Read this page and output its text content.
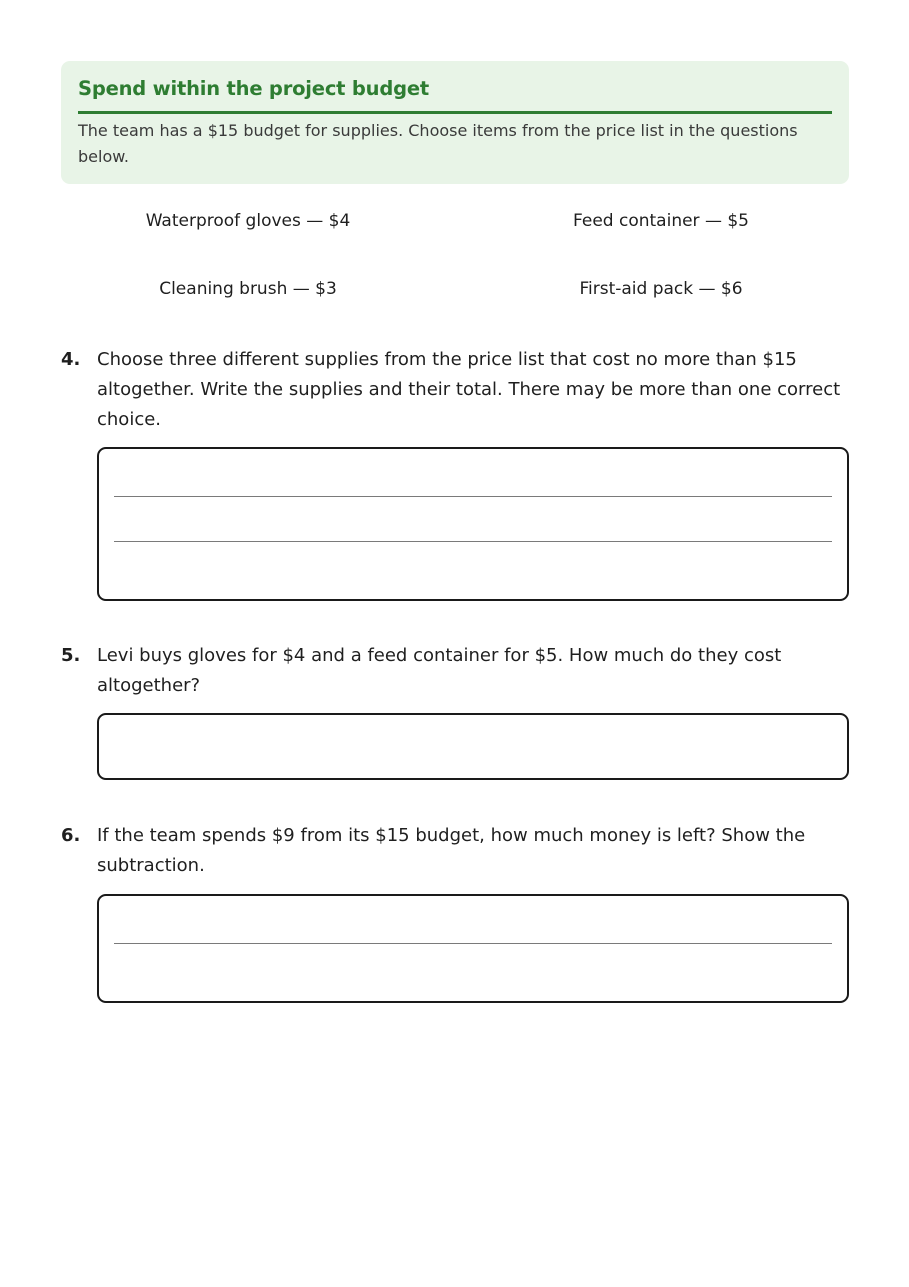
Spend within the project budget
The team has a $15 budget for supplies. Choose items from the price list in the questions below.
Waterproof gloves — $4	Feed container — $5
Cleaning brush — $3	First-aid pack — $6
4. Choose three different supplies from the price list that cost no more than $15 altogether. Write the supplies and their total. There may be more than one correct choice.
5. Levi buys gloves for $4 and a feed container for $5. How much do they cost altogether?
6. If the team spends $9 from its $15 budget, how much money is left? Show the subtraction.
